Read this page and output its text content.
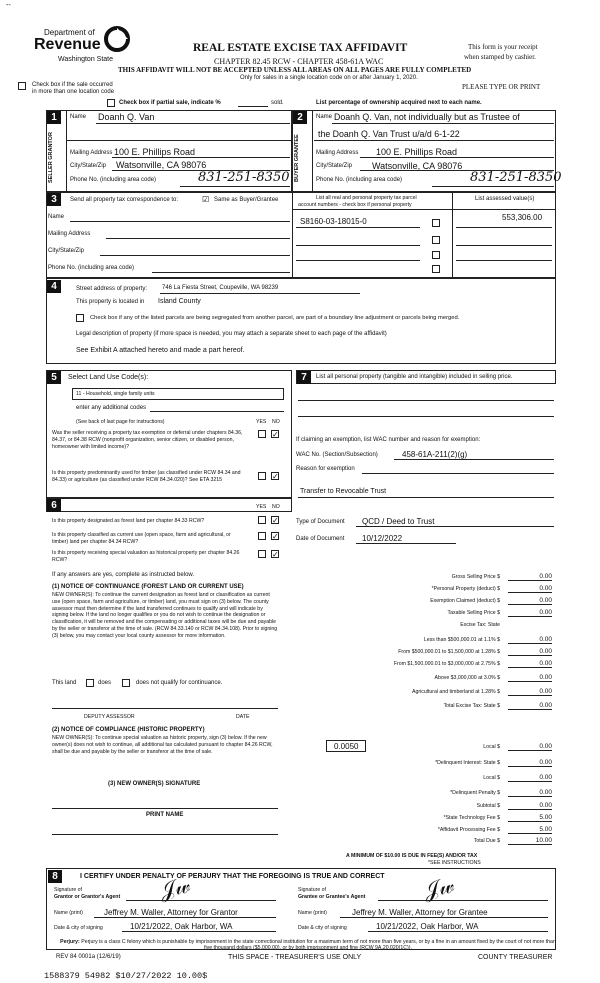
--
Department of
Revenue
Washington State
REAL ESTATE EXCISE TAX AFFIDAVIT
CHAPTER 82.45 RCW - CHAPTER 458-61A WAC
THIS AFFIDAVIT WILL NOT BE ACCEPTED UNLESS ALL AREAS ON ALL PAGES ARE FULLY COMPLETED
Only for sales in a single location code on or after January 1, 2020.
This form is your receipt
when stamped by cashier.
PLEASE TYPE OR PRINT
Check box if the sale occurred
in more than one location code
Check box if partial sale, indicate %	sold.	List percentage of ownership acquired next to each name.
1
SELLER GRANTOR
Name Doanh Q. Van
Mailing Address 100 E. Phillips Road
City/State/Zip Watsonville, CA 98076
Phone No. (including area code)	831-251-8350
2
BUYER GRANTEE
Name Doanh Q. Van, not individually but as Trustee of
the Doanh Q. Van Trust u/a/d 6-1-22
Mailing Address 100 E. Phillips Road
City/State/Zip Watsonville, CA 98076
Phone No. (including area code)	831-251-8350
3	Send all property tax correspondence to:	☑ Same as Buyer/Grantee
Name
Mailing Address
City/State/Zip
Phone No. (including area code)
List all real and personal property tax parcel
account numbers - check box if personal property
List assessed value(s)
S8160-03-18015-0	553,306.00
4	Street address of property: 746 La Fiesta Street, Coupeville, WA 98239
This property is located in Island County
Check box if any of the listed parcels are being segregated from another parcel, are part of a boundary line adjustment or parcels being merged.
Legal description of property (if more space is needed, you may attach a separate sheet to each page of the affidavit)
See Exhibit A attached hereto and made a part hereof.
5	Select Land Use Code(s):
11 - Household, single family units
enter any additional codes
(See back of last page for instructions)	YES NO
Was the seller receiving a property tax exemption or deferral under chapters 84.36, 84.37, or 84.38 RCW (nonprofit organization, senior citizen, or disabled person, homeowner with limited income)?
✓
Is this property predominantly used for timber (as classified under RCW 84.34 and 84.33) or agriculture (as classified under RCW 84.34.020)? See ETA 3215	✓
6	YES NO
Is this property designated as forest land per chapter 84.33 RCW?	✓
Is this property classified as current use (open space, farm and agricultural, or timber) land per chapter 84.34 RCW?
✓
Is this property receiving special valuation as historical property per chapter 84.26 RCW?
✓
If any answers are yes, complete as instructed below.
(1) NOTICE OF CONTINUANCE (FOREST LAND OR CURRENT USE)
NEW OWNER(S): To continue the current designation as forest land or classification as current use (open space, farm and agriculture, or timber) land, you must sign on (3) below. The county assessor must then determine if the land transferred continues to qualify and will indicate by signing below. If the land no longer qualifies or you do not wish to continue the designation or classification, it will be removed and the compensating or additional taxes will be due and payable by the seller or transferor at the time of sale. (RCW 84.33.140 or RCW 84.34.108). Prior to signing (3) below, you may contact your local county assessor for more information.
This land	does	does not qualify for continuance.
DEPUTY ASSESSOR	DATE
(2) NOTICE OF COMPLIANCE (HISTORIC PROPERTY)
NEW OWNER(S): To continue special valuation as historic property, sign (3) below. If the new owner(s) does not wish to continue, all additional tax calculated pursuant to chapter 84.26 RCW, shall be due and payable by the seller or transferor at the time of sale.
(3) NEW OWNER(S) SIGNATURE
PRINT NAME
7	List all personal property (tangible and intangible) included in selling price.
If claiming an exemption, list WAC number and reason for exemption:
WAC No. (Section/Subsection)	458-61A-211(2)(g)
Reason for exemption
Transfer to Revocable Trust
Type of Document QCD / Deed to Trust
Date of Document 10/12/2022
Gross Selling Price $	0.00
*Personal Property (deduct) $	0.00
Exemption Claimed (deduct) $	0.00
Taxable Selling Price $	0.00
Excise Tax: State
Less than $500,000.01 at 1.1% $	0.00
From $500,000.01 to $1,500,000 at 1.28% $	0.00
From $1,500,000.01 to $3,000,000 at 2.75% $	0.00
Above $3,000,000 at 3.0% $	0.00
Agricultural and timberland at 1.28% $	0.00
Total Excise Tax: State $	0.00
Local $	0.00
*Delinquent Interest: State $	0.00
Local $	0.00
*Delinquent Penalty $	0.00
Subtotal $	0.00
*State Technology Fee $	5.00
*Affidavit Processing Fee $	5.00
Total Due $	10.00
0.0050
A MINIMUM OF $10.00 IS DUE IN FEE(S) AND/OR TAX
*SEE INSTRUCTIONS
8	I CERTIFY UNDER PENALTY OF PERJURY THAT THE FOREGOING IS TRUE AND CORRECT
Signature of
Grantor or Grantor's Agent 𝒥𝓌	Signature of
Grantee or Grantee's Agent	𝒥𝓌
Name (print)	Jeffrey M. Waller, Attorney for Grantor	Name (print)	Jeffrey M. Waller, Attorney for Grantee
Date & city of signing	10/21/2022, Oak Harbor, WA	Date & city of signing	10/21/2022, Oak Harbor, WA
Perjury: Perjury is a class C felony which is punishable by imprisonment in the state correctional institution for a maximum term of not more than five years, or by a fine in an amount fixed by the court of not more than five thousand dollars ($5,000.00), or by both imprisonment and fine (RCW 9A.20.020(1C)).
REV 84 0001a (12/6/19)	THIS SPACE - TREASURER'S USE ONLY	COUNTY TREASURER
1588379 54982 $10/27/2022 10.00$
